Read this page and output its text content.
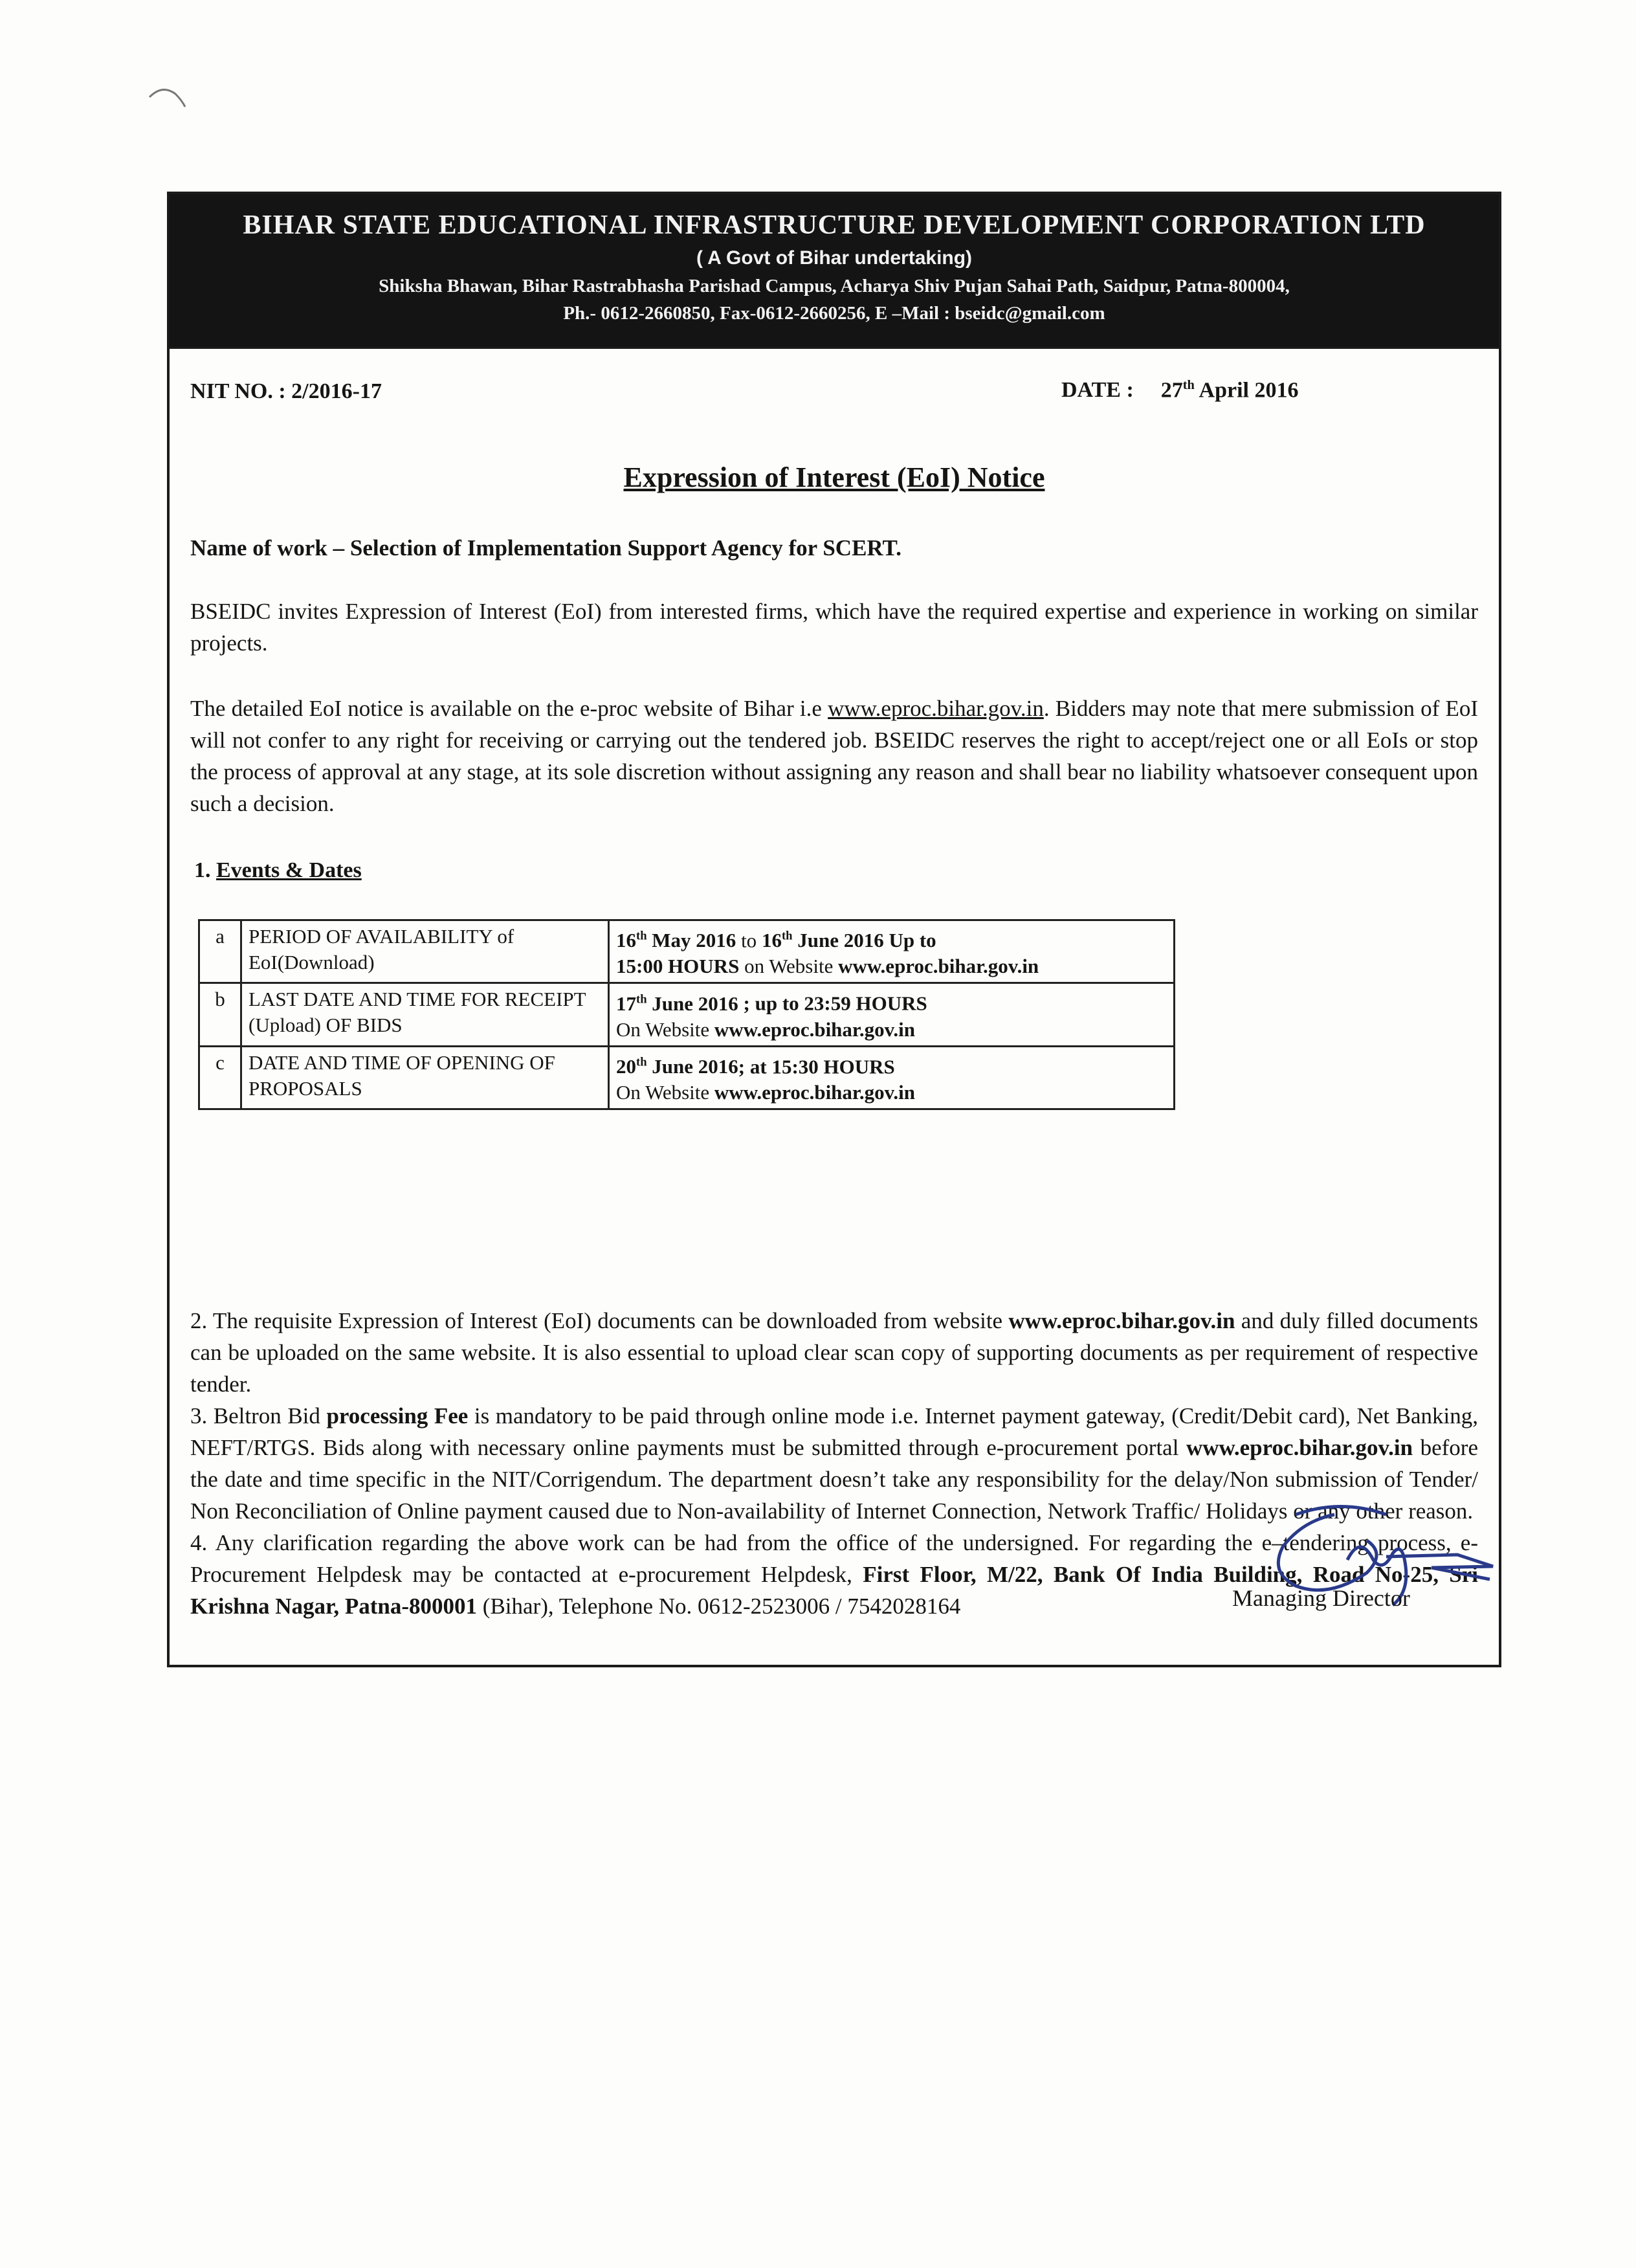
BIHAR STATE EDUCATIONAL INFRASTRUCTURE DEVELOPMENT CORPORATION LTD
( A Govt of Bihar undertaking)
Shiksha Bhawan, Bihar Rastrabhasha Parishad Campus, Acharya Shiv Pujan Sahai Path, Saidpur, Patna-800004,
Ph.- 0612-2660850, Fax-0612-2660256, E –Mail : bseidc@gmail.com
NIT NO. : 2/2016-17	DATE : 27th April 2016
Expression of Interest (EoI) Notice
Name of work – Selection of Implementation Support Agency for SCERT.
BSEIDC invites Expression of Interest (EoI) from interested firms, which have the required expertise and experience in working on similar projects.
The detailed EoI notice is available on the e-proc website of Bihar i.e www.eproc.bihar.gov.in. Bidders may note that mere submission of EoI will not confer to any right for receiving or carrying out the tendered job. BSEIDC reserves the right to accept/reject one or all EoIs or stop the process of approval at any stage, at its sole discretion without assigning any reason and shall bear no liability whatsoever consequent upon such a decision.
1. Events & Dates
a	PERIOD OF AVAILABILITY of EoI(Download)	16th May 2016 to 16th June 2016 Up to
15:00 HOURS on Website www.eproc.bihar.gov.in
b	LAST DATE AND TIME FOR RECEIPT (Upload) OF BIDS	17th June 2016 ; up to 23:59 HOURS
On Website www.eproc.bihar.gov.in
c	DATE AND TIME OF OPENING OF PROPOSALS	20th June 2016; at 15:30 HOURS
On Website www.eproc.bihar.gov.in

2. The requisite Expression of Interest (EoI) documents can be downloaded from website www.eproc.bihar.gov.in and duly filled documents can be uploaded on the same website. It is also essential to upload clear scan copy of supporting documents as per requirement of respective tender.

3. Beltron Bid processing Fee is mandatory to be paid through online mode i.e. Internet payment gateway, (Credit/Debit card), Net Banking, NEFT/RTGS. Bids along with necessary online payments must be submitted through e-procurement portal www.eproc.bihar.gov.in before the date and time specific in the NIT/Corrigendum. The department doesn’t take any responsibility for the delay/Non submission of Tender/ Non Reconciliation of Online payment caused due to Non-availability of Internet Connection, Network Traffic/ Holidays or any other reason.

4. Any clarification regarding the above work can be had from the office of the undersigned. For regarding the e–tendering process, e-Procurement Helpdesk may be contacted at e-procurement Helpdesk, First Floor, M/22, Bank Of India Building, Road No-25, Sri Krishna Nagar, Patna-800001 (Bihar), Telephone No. 0612-2523006 / 7542028164	Managing Director
